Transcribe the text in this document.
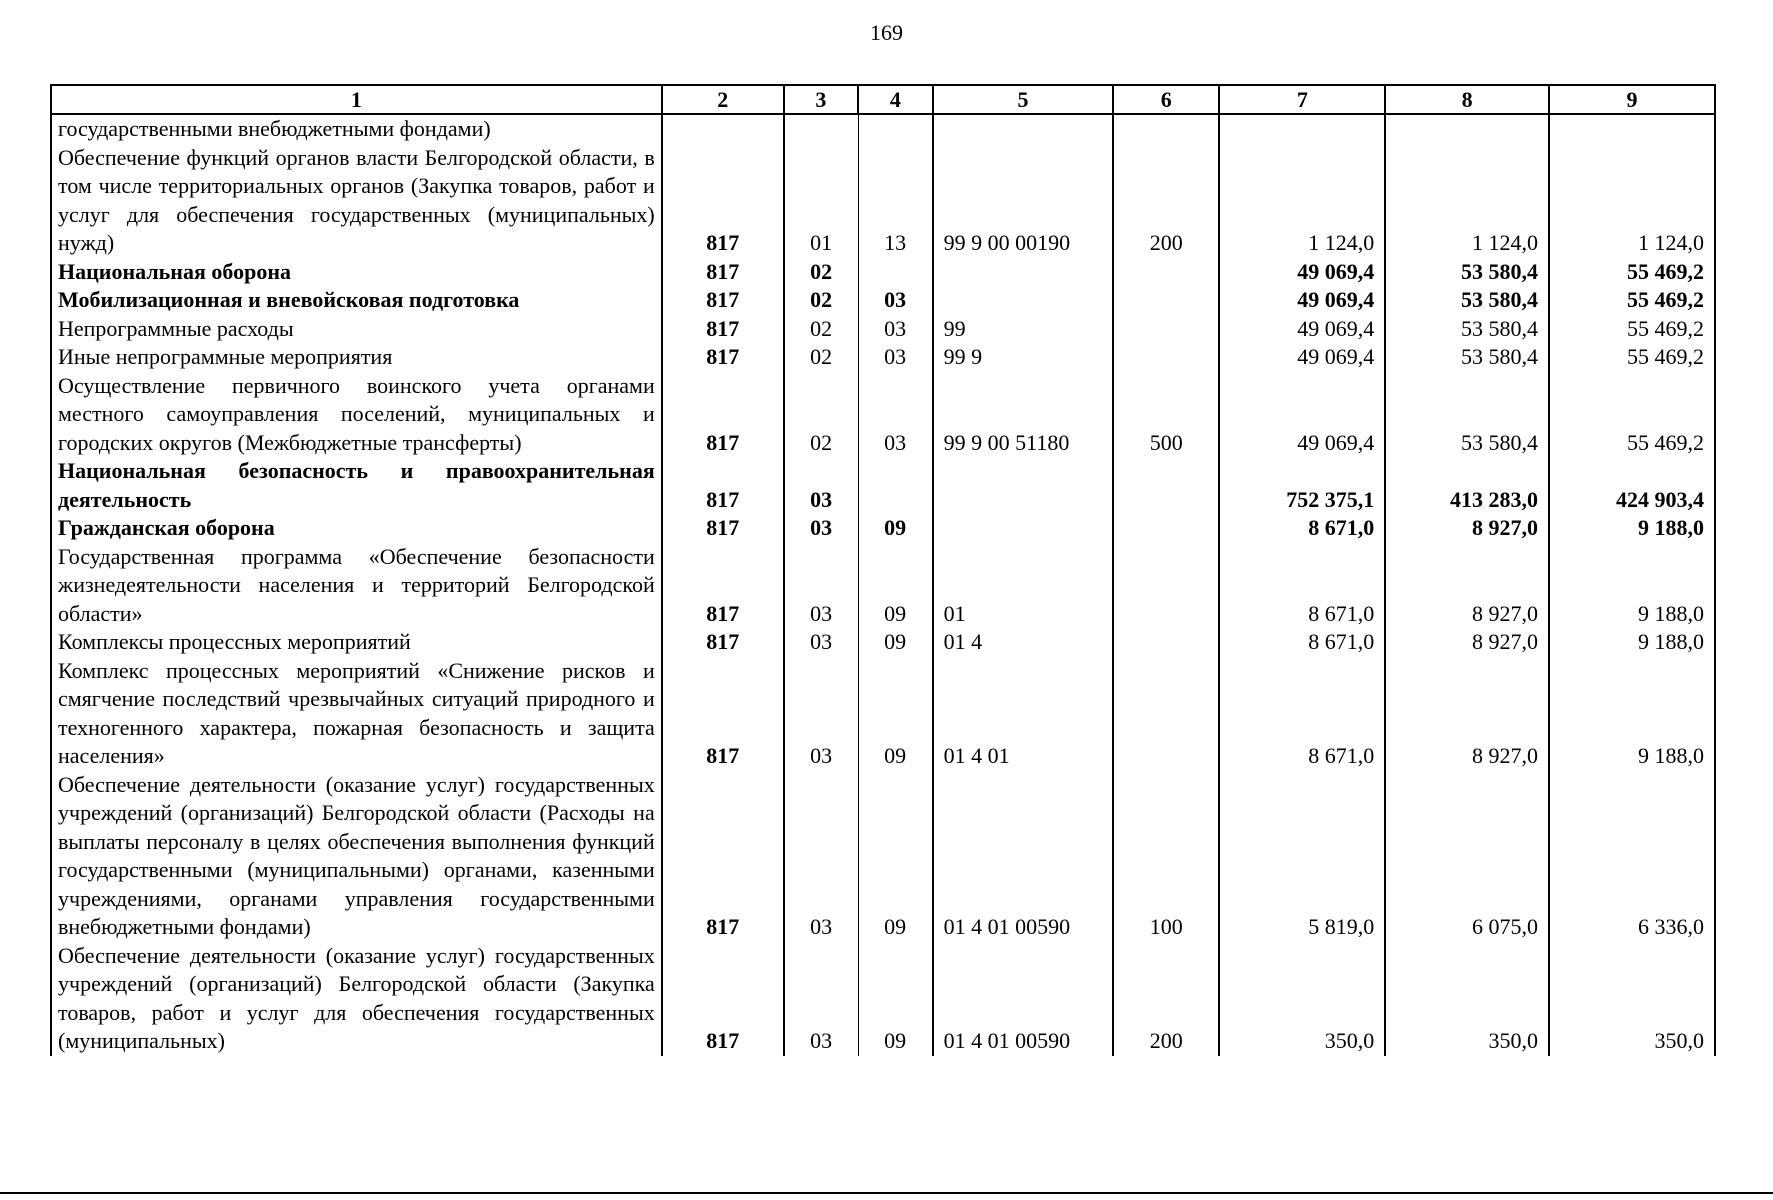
169
1	2	3	4	5	6	7	8	9
государственными внебюджетными фондами)								
Обеспечение функций органов власти Белгородской области, в том числе территориальных органов (Закупка товаров, работ и услуг для обеспечения государственных (муниципальных) нужд)	817	01	13	99 9 00 00190	200	1 124,0	1 124,0	1 124,0
Национальная оборона	817	02				49 069,4	53 580,4	55 469,2
Мобилизационная и вневойсковая подготовка	817	02	03			49 069,4	53 580,4	55 469,2
Непрограммные расходы	817	02	03	99		49 069,4	53 580,4	55 469,2
Иные непрограммные мероприятия	817	02	03	99 9		49 069,4	53 580,4	55 469,2
Осуществление первичного воинского учета органами местного самоуправления поселений, муниципальных и городских округов (Межбюджетные трансферты)	817	02	03	99 9 00 51180	500	49 069,4	53 580,4	55 469,2
Национальная безопасность и правоохранительная деятельность	817	03				752 375,1	413 283,0	424 903,4
Гражданская оборона	817	03	09			8 671,0	8 927,0	9 188,0
Государственная программа «Обеспечение безопасности жизнедеятельности населения и территорий Белгородской области»	817	03	09	01		8 671,0	8 927,0	9 188,0
Комплексы процессных мероприятий	817	03	09	01 4		8 671,0	8 927,0	9 188,0
Комплекс процессных мероприятий «Снижение рисков и смягчение последствий чрезвычайных ситуаций природного и техногенного характера, пожарная безопасность и защита населения»	817	03	09	01 4 01		8 671,0	8 927,0	9 188,0
Обеспечение деятельности (оказание услуг) государственных учреждений (организаций) Белгородской области (Расходы на выплаты персоналу в целях обеспечения выполнения функций государственными (муниципальными) органами, казенными учреждениями, органами управления государственными внебюджетными фондами)	817	03	09	01 4 01 00590	100	5 819,0	6 075,0	6 336,0
Обеспечение деятельности (оказание услуг) государственных учреждений (организаций) Белгородской области (Закупка товаров, работ и услуг для обеспечения государственных (муниципальных)	817	03	09	01 4 01 00590	200	350,0	350,0	350,0
